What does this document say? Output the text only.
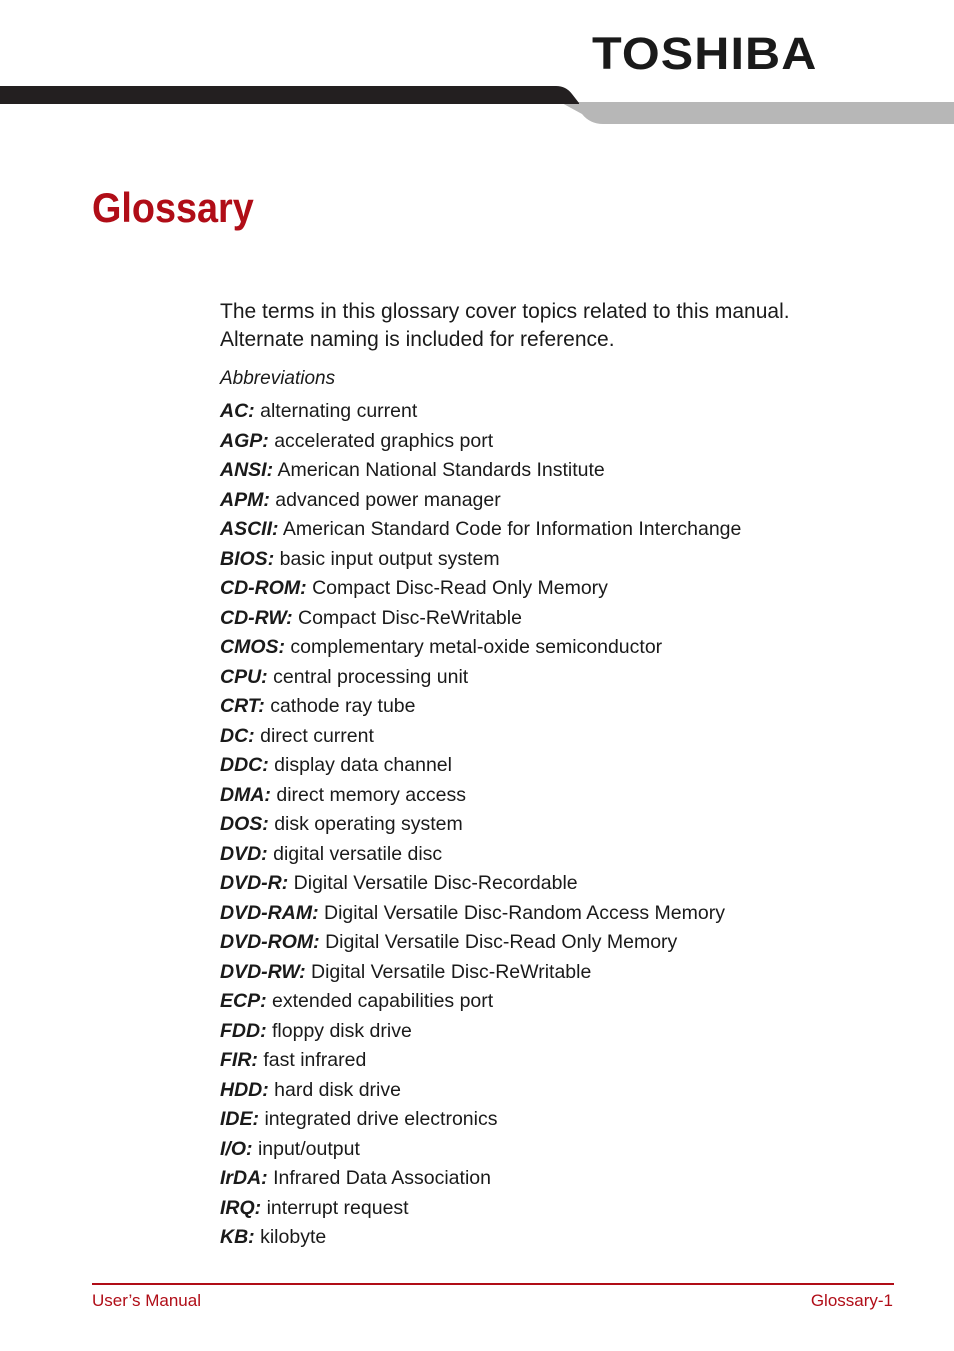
TOSHIBA
Glossary

The terms in this glossary cover topics related to this manual.
Alternate naming is included for reference.

Abbreviations

AC: alternating current
AGP: accelerated graphics port
ANSI: American National Standards Institute
APM: advanced power manager
ASCII: American Standard Code for Information Interchange
BIOS: basic input output system
CD-ROM: Compact Disc-Read Only Memory
CD-RW: Compact Disc-ReWritable
CMOS: complementary metal-oxide semiconductor
CPU: central processing unit
CRT: cathode ray tube
DC: direct current
DDC: display data channel
DMA: direct memory access
DOS: disk operating system
DVD: digital versatile disc
DVD-R: Digital Versatile Disc-Recordable
DVD-RAM: Digital Versatile Disc-Random Access Memory
DVD-ROM: Digital Versatile Disc-Read Only Memory
DVD-RW: Digital Versatile Disc-ReWritable
ECP: extended capabilities port
FDD: floppy disk drive
FIR: fast infrared
HDD: hard disk drive
IDE: integrated drive electronics
I/O: input/output
IrDA: Infrared Data Association
IRQ: interrupt request
KB: kilobyte
User’s Manual	Glossary-1
